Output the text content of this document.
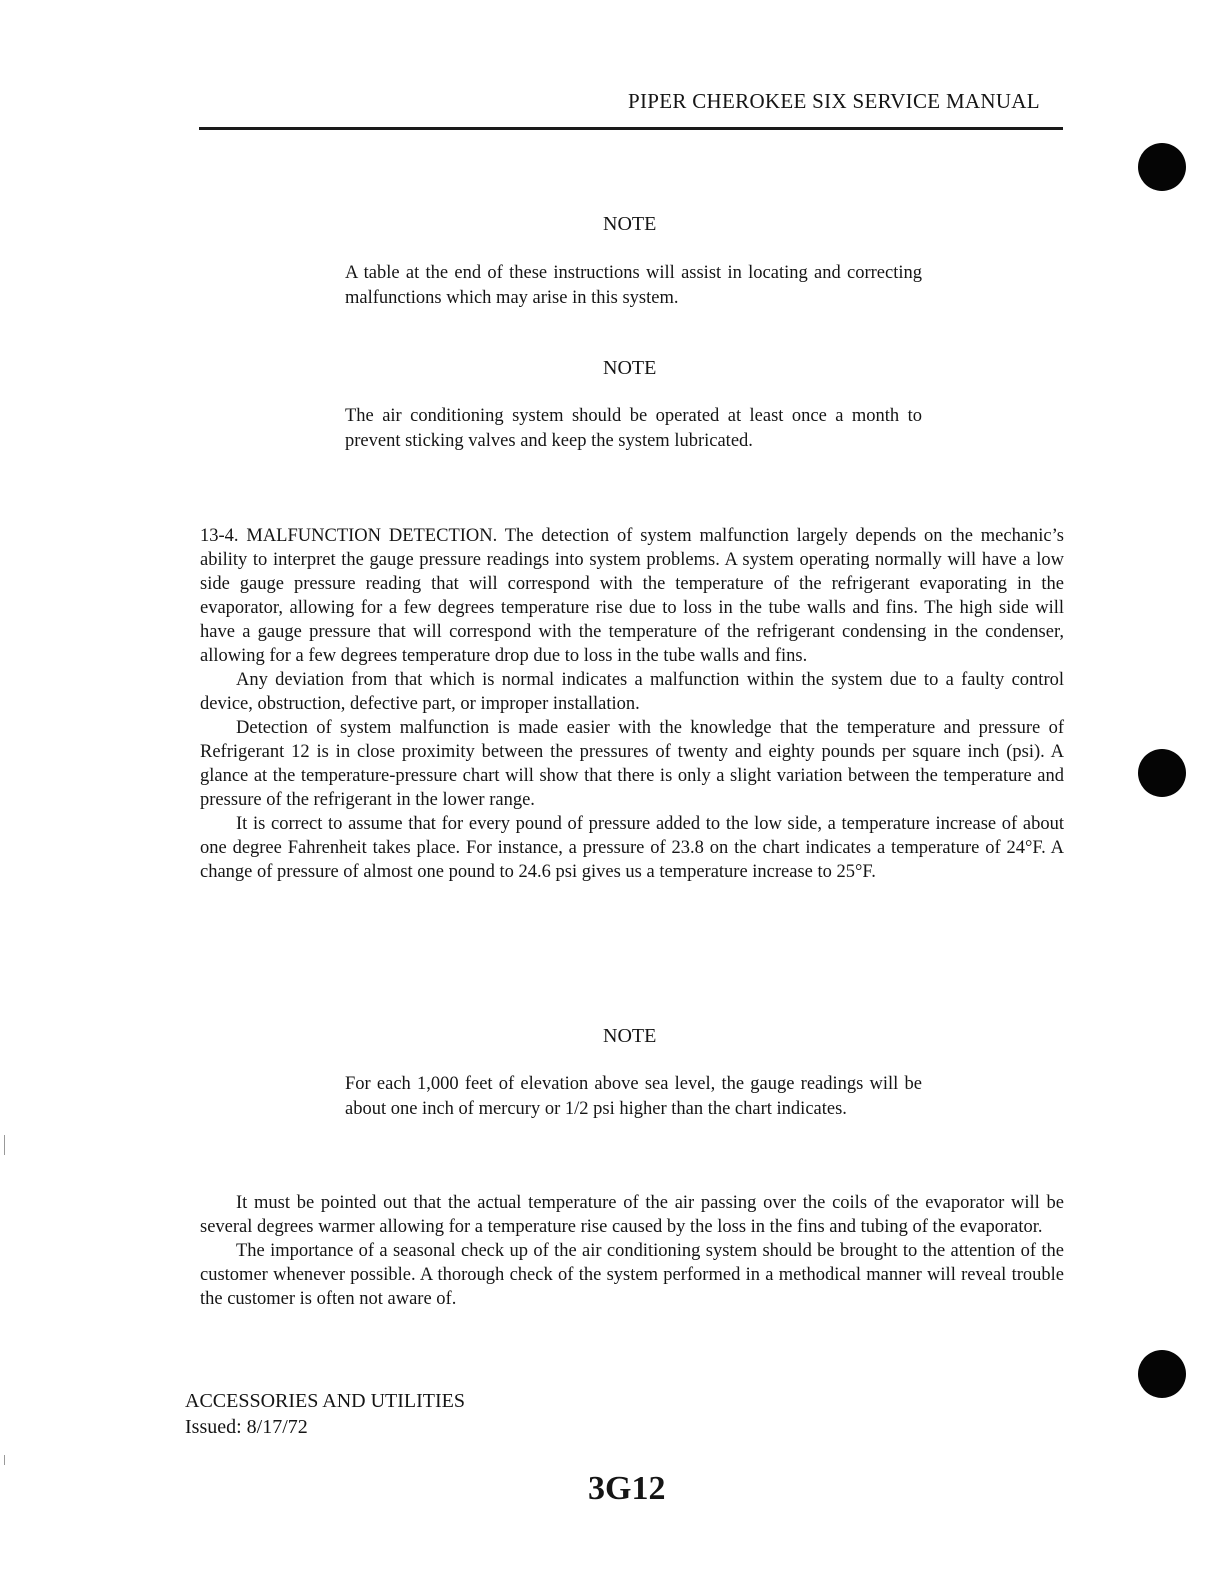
PIPER CHEROKEE SIX SERVICE MANUAL
NOTE
A table at the end of these instructions will assist in locating and correcting malfunctions which may arise in this system.
NOTE
The air conditioning system should be operated at least once a month to prevent sticking valves and keep the system lubricated.

13-4. MALFUNCTION DETECTION. The detection of system malfunction largely depends on the mechanic’s ability to interpret the gauge pressure readings into system problems. A system operating normally will have a low side gauge pressure reading that will correspond with the temperature of the refrigerant evaporating in the evaporator, allowing for a few degrees temperature rise due to loss in the tube walls and fins. The high side will have a gauge pressure that will correspond with the temperature of the refrigerant condensing in the condenser, allowing for a few degrees temperature drop due to loss in the tube walls and fins.

Any deviation from that which is normal indicates a malfunction within the system due to a faulty control device, obstruction, defective part, or improper installation.

Detection of system malfunction is made easier with the knowledge that the temperature and pressure of Refrigerant 12 is in close proximity between the pressures of twenty and eighty pounds per square inch (psi). A glance at the temperature-pressure chart will show that there is only a slight variation between the temperature and pressure of the refrigerant in the lower range.

It is correct to assume that for every pound of pressure added to the low side, a temperature increase of about one degree Fahrenheit takes place. For instance, a pressure of 23.8 on the chart indicates a temperature of 24°F. A change of pressure of almost one pound to 24.6 psi gives us a temperature increase to 25°F.

NOTE
For each 1,000 feet of elevation above sea level, the gauge readings will be about one inch of mercury or 1/2 psi higher than the chart indicates.

It must be pointed out that the actual temperature of the air passing over the coils of the evaporator will be several degrees warmer allowing for a temperature rise caused by the loss in the fins and tubing of the evaporator.

The importance of a seasonal check up of the air conditioning system should be brought to the attention of the customer whenever possible. A thorough check of the system performed in a methodical manner will reveal trouble the customer is often not aware of.

ACCESSORIES AND UTILITIES
Issued: 8/17/72
3G12
